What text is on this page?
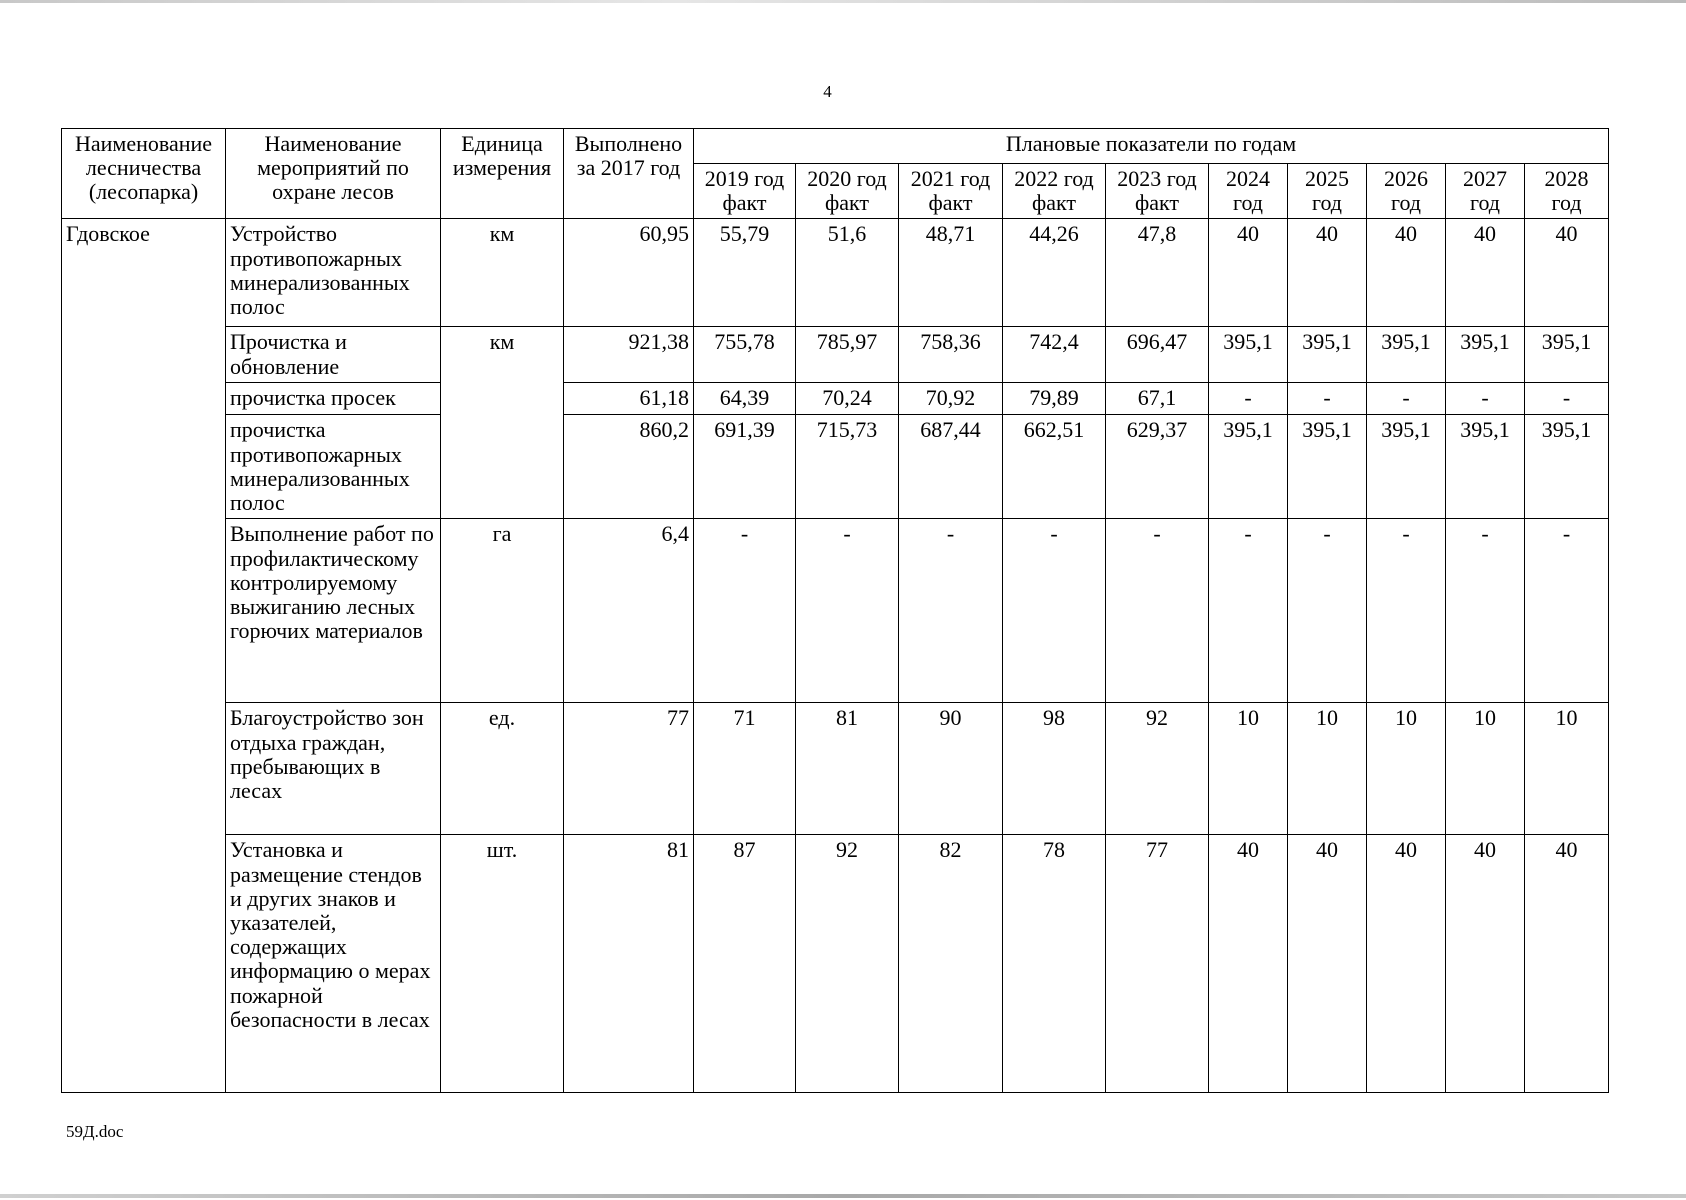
4
Наименование лесничества (лесопарка)	Наименование мероприятий по охране лесов	Единица измерения	Выполнено за 2017 год	Плановые показатели по годам									
				2019 год факт	2020 год факт	2021 год факт	2022 год факт	2023 год факт	2024 год	2025 год	2026 год	2027 год	2028 год
Гдовское	Устройство противопожарных минерализованных полос	км	60,95	55,79	51,6	48,71	44,26	47,8	40	40	40	40	40
	Прочистка и обновление	км	921,38	755,78	785,97	758,36	742,4	696,47	395,1	395,1	395,1	395,1	395,1
	прочистка просек		61,18	64,39	70,24	70,92	79,89	67,1	-	-	-	-	-
	прочистка противопожарных минерализованных полос		860,2	691,39	715,73	687,44	662,51	629,37	395,1	395,1	395,1	395,1	395,1
	Выполнение работ по профилактическому контролируемому выжиганию лесных горючих материалов	га	6,4	-	-	-	-	-	-	-	-	-	-
	Благоустройство зон отдыха граждан, пребывающих в лесах	ед.	77	71	81	90	98	92	10	10	10	10	10
	Установка и размещение стендов и других знаков и указателей, содержащих информацию о мерах пожарной безопасности в лесах	шт.	81	87	92	82	78	77	40	40	40	40	40
59Д.doc
